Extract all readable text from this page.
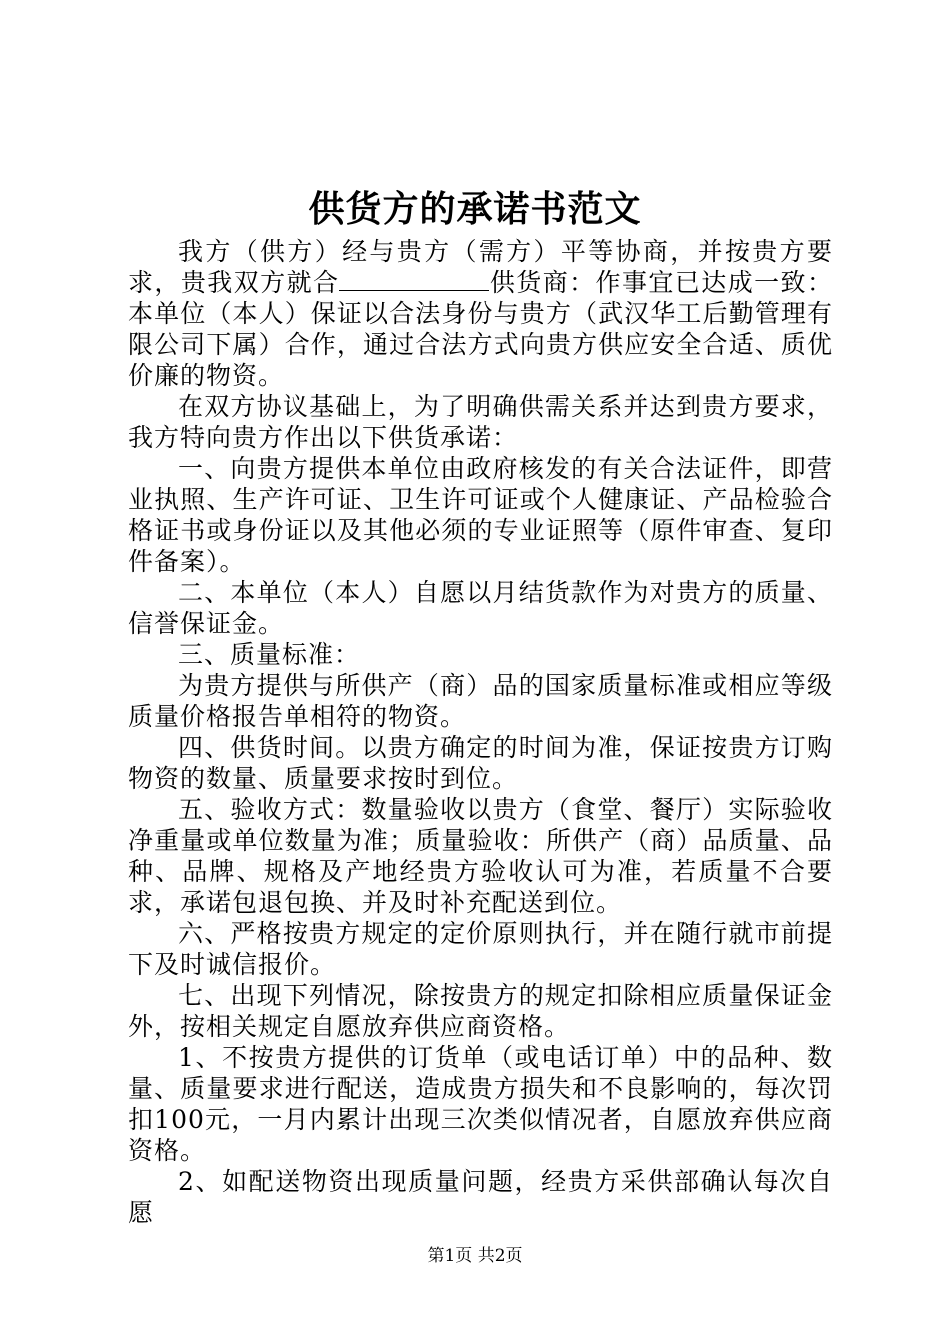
供货方的承诺书范文

我方（供方）经与贵方（需方）平等协商，并按贵方要求，贵我双方就合	供货商：作事宜已达成一致：本单位（本人）保证以合法身份与贵方（武汉华工后勤管理有限公司下属）合作，通过合法方式向贵方供应安全合适、质优价廉的物资。

在双方协议基础上，为了明确供需关系并达到贵方要求，我方特向贵方作出以下供货承诺：

一、向贵方提供本单位由政府核发的有关合法证件，即营业执照、生产许可证、卫生许可证或个人健康证、产品检验合格证书或身份证以及其他必须的专业证照等（原件审查、复印件备案）。

二、本单位（本人）自愿以月结货款作为对贵方的质量、信誉保证金。

三、质量标准：

为贵方提供与所供产（商）品的国家质量标准或相应等级质量价格报告单相符的物资。

四、供货时间。以贵方确定的时间为准，保证按贵方订购物资的数量、质量要求按时到位。

五、验收方式：数量验收以贵方（食堂、餐厅）实际验收净重量或单位数量为准；质量验收：所供产（商）品质量、品种、品牌、规格及产地经贵方验收认可为准，若质量不合要求，承诺包退包换、并及时补充配送到位。

六、严格按贵方规定的定价原则执行，并在随行就市前提下及时诚信报价。

七、出现下列情况，除按贵方的规定扣除相应质量保证金外，按相关规定自愿放弃供应商资格。

1、不按贵方提供的订货单（或电话订单）中的品种、数量、质量要求进行配送，造成贵方损失和不良影响的，每次罚扣100元，一月内累计出现三次类似情况者，自愿放弃供应商资格。

2、如配送物资出现质量问题，经贵方采供部确认每次自愿

第1页 共2页
